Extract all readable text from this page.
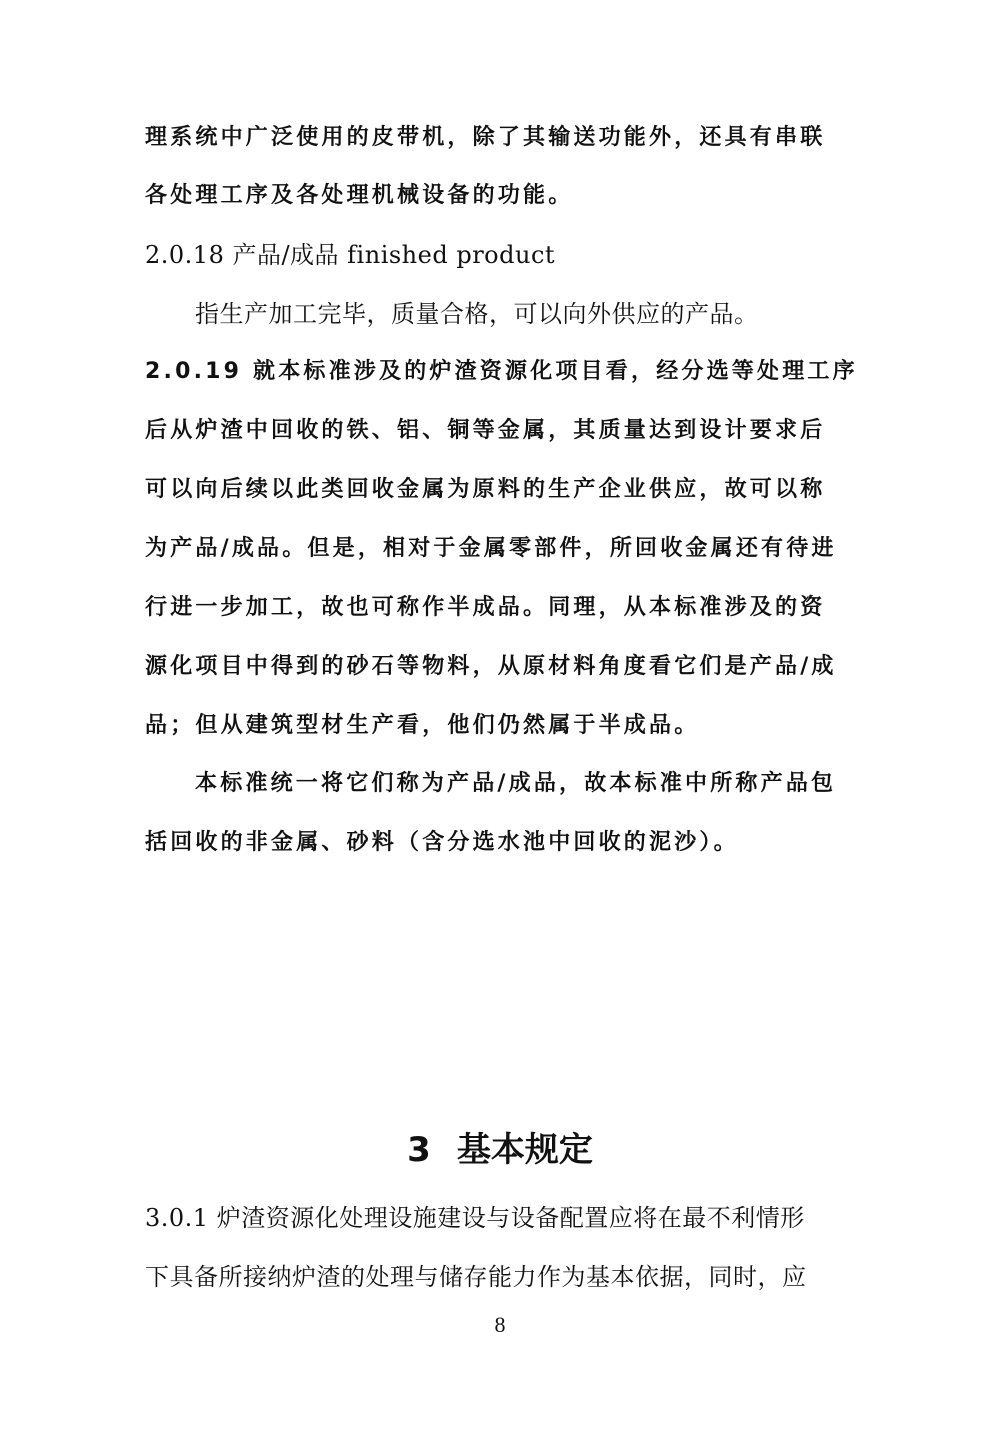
理系统中广泛使用的皮带机，除了其输送功能外，还具有串联
各处理工序及各处理机械设备的功能。
2.0.18 产品/成品 finished product
指生产加工完毕，质量合格，可以向外供应的产品。
2.0.19 就本标准涉及的炉渣资源化项目看，经分选等处理工序
后从炉渣中回收的铁、铝、铜等金属，其质量达到设计要求后
可以向后续以此类回收金属为原料的生产企业供应，故可以称
为产品/成品。但是，相对于金属零部件，所回收金属还有待进
行进一步加工，故也可称作半成品。同理，从本标准涉及的资
源化项目中得到的砂石等物料，从原材料角度看它们是产品/成
品；但从建筑型材生产看，他们仍然属于半成品。
本标准统一将它们称为产品/成品，故本标准中所称产品包
括回收的非金属、砂料（含分选水池中回收的泥沙）。
3 基本规定
3.0.1 炉渣资源化处理设施建设与设备配置应将在最不利情形
下具备所接纳炉渣的处理与储存能力作为基本依据，同时，应
8
